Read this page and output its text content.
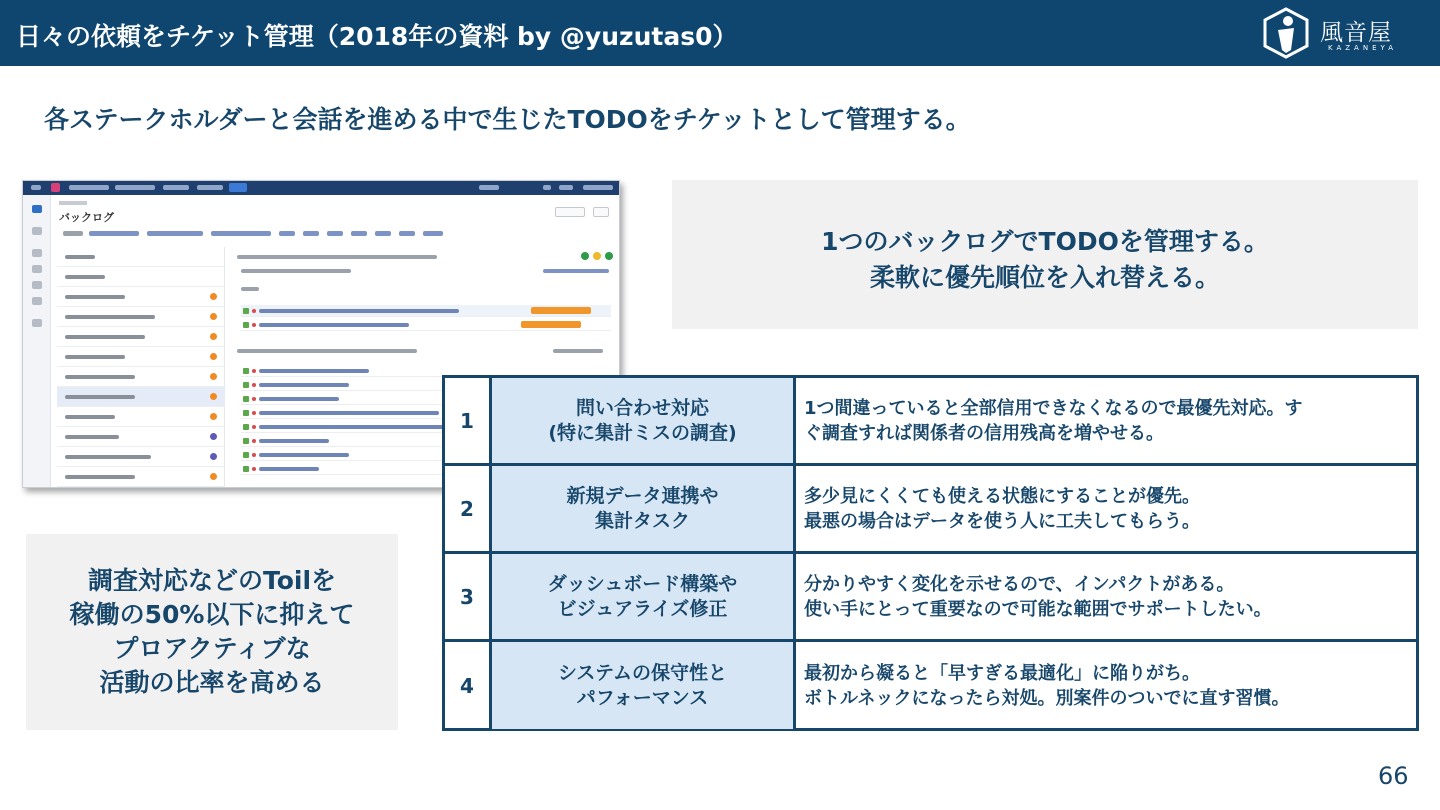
日々の依頼をチケット管理（2018年の資料 by @yuzutas0）	風音屋
KAZANEYA
各ステークホルダーと会話を進める中で生じたTODOをチケットとして管理する。
バックログ
1つのバックログでTODOを管理する。
柔軟に優先順位を入れ替える。
調査対応などのToilを
稼働の50%以下に抑えて
プロアクティブな
活動の比率を高める
1
問い合わせ対応
(特に集計ミスの調査)
1つ間違っていると全部信用できなくなるので最優先対応。す
ぐ調査すれば関係者の信用残高を増やせる。
2
新規データ連携や
集計タスク
多少見にくくても使える状態にすることが優先。
最悪の場合はデータを使う人に工夫してもらう。
3
ダッシュボード構築や
ビジュアライズ修正
分かりやすく変化を示せるので、インパクトがある。
使い手にとって重要なので可能な範囲でサポートしたい。
4
システムの保守性と
パフォーマンス
最初から凝ると「早すぎる最適化」に陥りがち。
ボトルネックになったら対処。別案件のついでに直す習慣。
66
